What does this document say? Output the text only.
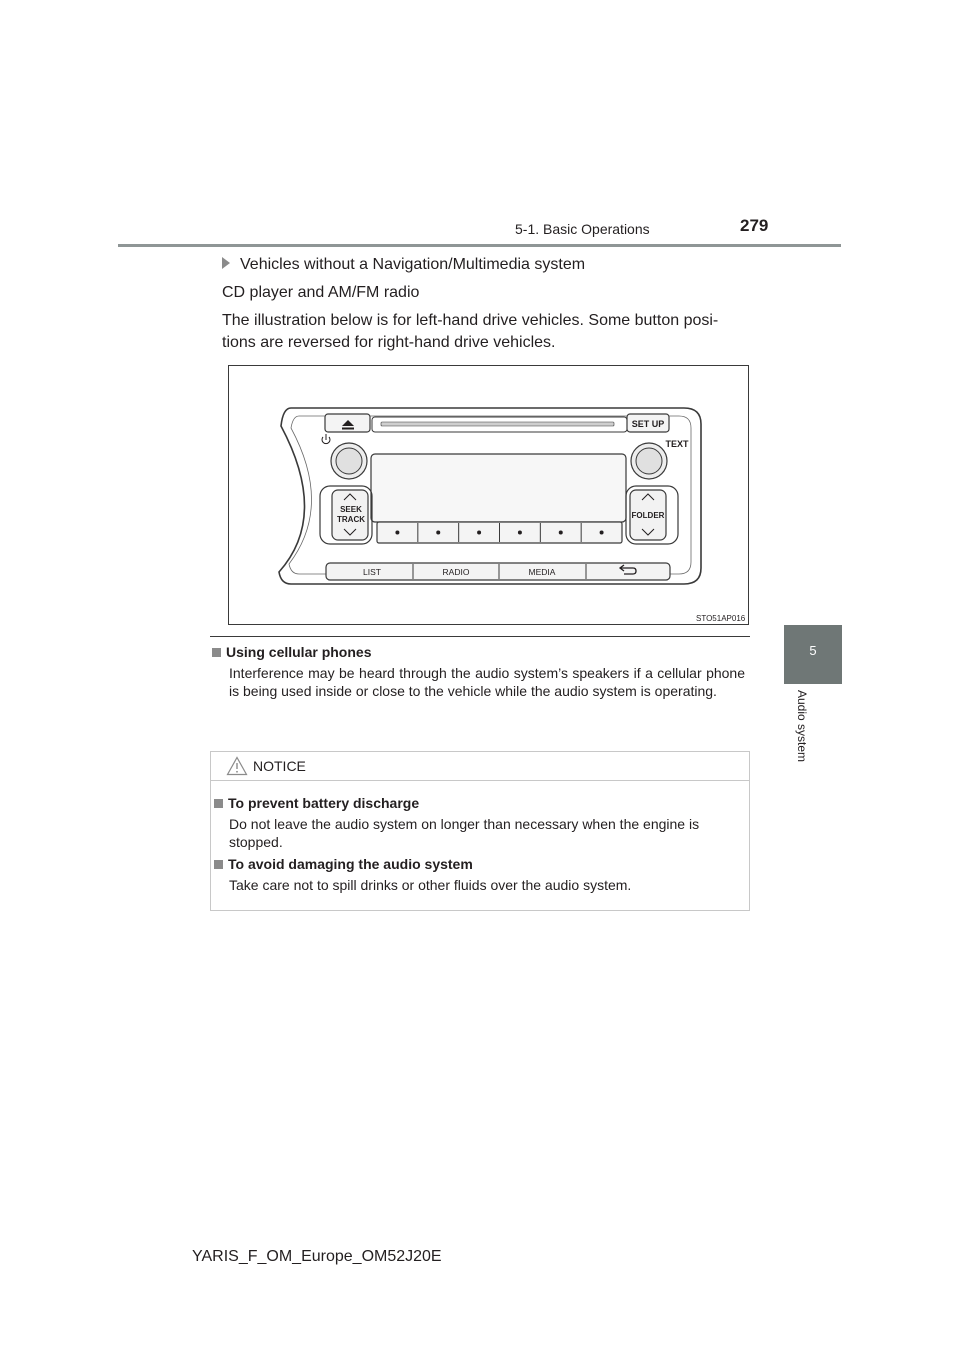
5-1. Basic Operations	279
5
Audio system
Vehicles without a Navigation/Multimedia system
CD player and AM/FM radio
The illustration below is for left-hand drive vehicles. Some button posi-
tions are reversed for right-hand drive vehicles.
SET UP
TEXT
SEEK
TRACK	FOLDER
LIST	RADIO	MEDIA
STO51AP016
Using cellular phones
Interference may be heard through the audio system’s speakers if a cellular phone is being used inside or close to the vehicle while the audio system is operating.
NOTICE
To prevent battery discharge
Do not leave the audio system on longer than necessary when the engine is stopped.
To avoid damaging the audio system
Take care not to spill drinks or other fluids over the audio system.
YARIS_F_OM_Europe_OM52J20E
